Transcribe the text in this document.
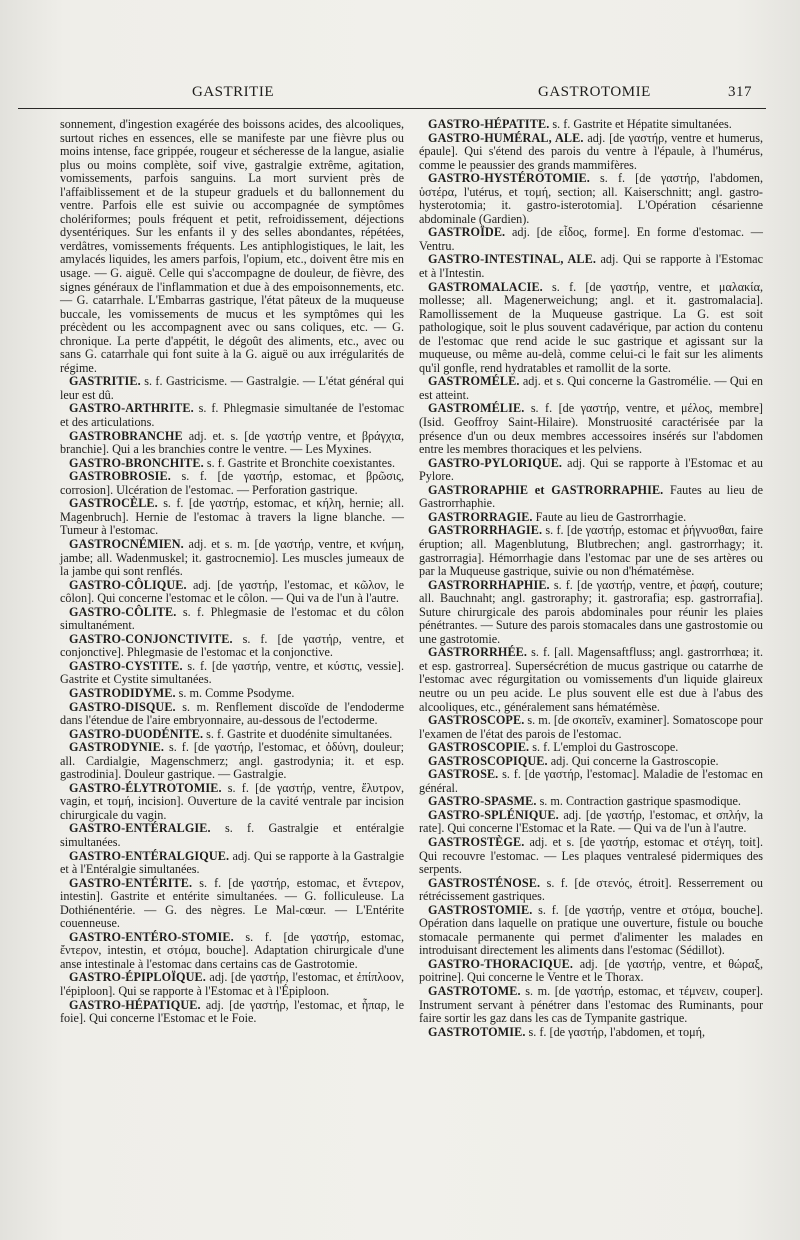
GASTRITIE	GASTROTOMIE	317

sonnement, d'ingestion exagérée des boissons acides, des alcooliques, surtout riches en essences, elle se manifeste par une fièvre plus ou moins intense, face grippée, rougeur et sécheresse de la langue, asialie plus ou moins complète, soif vive, gastralgie extrême, agitation, vomissements, parfois sanguins. La mort survient près de l'affaiblissement et de la stupeur graduels et du ballonnement du ventre. Parfois elle est suivie ou accompagnée de symptômes cholériformes; pouls fréquent et petit, refroidissement, déjections dysentériques. Sur les enfants il y des selles abondantes, répétées, verdâtres, vomissements fréquents. Les antiphlogistiques, le lait, les amylacés liquides, les amers parfois, l'opium, etc., doivent être mis en usage. — G. aiguë. Celle qui s'accompagne de douleur, de fièvre, des signes généraux de l'inflammation et due à des empoisonnements, etc. — G. catarrhale. L'Embarras gastrique, l'état pâteux de la muqueuse buccale, les vomissements de mucus et les symptômes qui les précèdent ou les accompagnent avec ou sans coliques, etc. — G. chronique. La perte d'appétit, le dégoût des aliments, etc., avec ou sans G. catarrhale qui font suite à la G. aiguë ou aux irrégularités de régime.

GASTRITIE. s. f. Gastricisme. — Gastralgie. — L'état général qui leur est dû.

GASTRO-ARTHRITE. s. f. Phlegmasie simultanée de l'estomac et des articulations.

GASTROBRANCHE adj. et. s. [de γαστήρ ventre, et βράγχια, branchie]. Qui a les branchies contre le ventre. — Les Myxines.

GASTRO-BRONCHITE. s. f. Gastrite et Bronchite coexistantes.

GASTROBROSIE. s. f. [de γαστήρ, estomac, et βρῶσις, corrosion]. Ulcération de l'estomac. — Perforation gastrique.

GASTROCÈLE. s. f. [de γαστήρ, estomac, et κήλη, hernie; all. Magenbruch]. Hernie de l'estomac à travers la ligne blanche. — Tumeur à l'estomac.

GASTROCNÉMIEN. adj. et s. m. [de γαστήρ, ventre, et κνήμη, jambe; all. Wadenmuskel; it. gastrocnemio]. Les muscles jumeaux de la jambe qui sont renflés.

GASTRO-CÔLIQUE. adj. [de γαστήρ, l'estomac, et κῶλον, le côlon]. Qui concerne l'estomac et le côlon. — Qui va de l'un à l'autre.

GASTRO-CÔLITE. s. f. Phlegmasie de l'estomac et du côlon simultanément.

GASTRO-CONJONCTIVITE. s. f. [de γαστήρ, ventre, et conjonctive]. Phlegmasie de l'estomac et la conjonctive.

GASTRO-CYSTITE. s. f. [de γαστήρ, ventre, et κύστις, vessie]. Gastrite et Cystite simultanées.

GASTRODIDYME. s. m. Comme Psodyme.

GASTRO-DISQUE. s. m. Renflement discoïde de l'endoderme dans l'étendue de l'aire embryonnaire, au-dessous de l'ectoderme.

GASTRO-DUODÉNITE. s. f. Gastrite et duodénite simultanées.

GASTRODYNIE. s. f. [de γαστήρ, l'estomac, et ὀδύνη, douleur; all. Cardialgie, Magenschmerz; angl. gastrodynia; it. et esp. gastrodinia]. Douleur gastrique. — Gastralgie.

GASTRO-ÉLYTROTOMIE. s. f. [de γαστήρ, ventre, ἔλυτρον, vagin, et τομή, incision]. Ouverture de la cavité ventrale par incision chirurgicale du vagin.

GASTRO-ENTÉRALGIE. s. f. Gastralgie et entéralgie simultanées.

GASTRO-ENTÉRALGIQUE. adj. Qui se rapporte à la Gastralgie et à l'Entéralgie simultanées.

GASTRO-ENTÉRITE. s. f. [de γαστήρ, estomac, et ἔντερον, intestin]. Gastrite et entérite simultanées. — G. folliculeuse. La Dothiénentérie. — G. des nègres. Le Mal-cœur. — L'Entérite couenneuse.

GASTRO-ENTÉRO-STOMIE. s. f. [de γαστήρ, estomac, ἔντερον, intestin, et στόμα, bouche]. Adaptation chirurgicale d'une anse intestinale à l'estomac dans certains cas de Gastrotomie.

GASTRO-ÉPIPLOÏQUE. adj. [de γαστήρ, l'estomac, et ἐπίπλοον, l'épiploon]. Qui se rapporte à l'Estomac et à l'Épiploon.

GASTRO-HÉPATIQUE. adj. [de γαστήρ, l'estomac, et ἧπαρ, le foie]. Qui concerne l'Estomac et le Foie.

GASTRO-HÉPATITE. s. f. Gastrite et Hépatite simultanées.

GASTRO-HUMÉRAL, ALE. adj. [de γαστήρ, ventre et humerus, épaule]. Qui s'étend des parois du ventre à l'épaule, à l'humérus, comme le peaussier des grands mammifères.

GASTRO-HYSTÉROTOMIE. s. f. [de γαστήρ, l'abdomen, ὑστέρα, l'utérus, et τομή, section; all. Kaiserschnitt; angl. gastro-hysterotomia; it. gastro-isterotomia]. L'Opération césarienne abdominale (Gardien).

GASTROÏDE. adj. [de εἶδος, forme]. En forme d'estomac. — Ventru.

GASTRO-INTESTINAL, ALE. adj. Qui se rapporte à l'Estomac et à l'Intestin.

GASTROMALACIE. s. f. [de γαστήρ, ventre, et μαλακία, mollesse; all. Magenerweichung; angl. et it. gastromalacia]. Ramollissement de la Muqueuse gastrique. La G. est soit pathologique, soit le plus souvent cadavérique, par action du contenu de l'estomac que rend acide le suc gastrique et agissant sur la muqueuse, ou même au-delà, comme celui-ci le fait sur les aliments qu'il gonfle, rend hydratables et ramollit de la sorte.

GASTROMÉLE. adj. et s. Qui concerne la Gastromélie. — Qui en est atteint.

GASTROMÉLIE. s. f. [de γαστήρ, ventre, et μέλος, membre] (Isid. Geoffroy Saint-Hilaire). Monstruosité caractérisée par la présence d'un ou deux membres accessoires insérés sur l'abdomen entre les membres thoraciques et les pelviens.

GASTRO-PYLORIQUE. adj. Qui se rapporte à l'Estomac et au Pylore.

GASTRORAPHIE et GASTRORRAPHIE. Fautes au lieu de Gastrorrhaphie.

GASTRORRAGIE. Faute au lieu de Gastrorrhagie.

GASTRORRHAGIE. s. f. [de γαστήρ, estomac et ῥήγνυσθαι, faire éruption; all. Magenblutung, Blutbrechen; angl. gastrorrhagy; it. gastrorragia]. Hémorrhagie dans l'estomac par une de ses artères ou par la Muqueuse gastrique, suivie ou non d'hématémèse.

GASTRORRHAPHIE. s. f. [de γαστήρ, ventre, et ῥαφή, couture; all. Bauchnaht; angl. gastroraphy; it. gastrorafia; esp. gastrorrafia]. Suture chirurgicale des parois abdominales pour réunir les plaies pénétrantes. — Suture des parois stomacales dans une gastrostomie ou une gastrotomie.

GASTRORRHÉE. s. f. [all. Magensaftfluss; angl. gastrorrhœa; it. et esp. gastrorrea]. Supersécrétion de mucus gastrique ou catarrhe de l'estomac avec régurgitation ou vomissements d'un liquide glaireux neutre ou un peu acide. Le plus souvent elle est due à l'abus des alcooliques, etc., généralement sans hématémèse.

GASTROSCOPE. s. m. [de σκοπεῖν, examiner]. Somatoscope pour l'examen de l'état des parois de l'estomac.

GASTROSCOPIE. s. f. L'emploi du Gastroscope.

GASTROSCOPIQUE. adj. Qui concerne la Gastroscopie.

GASTROSE. s. f. [de γαστήρ, l'estomac]. Maladie de l'estomac en général.

GASTRO-SPASME. s. m. Contraction gastrique spasmodique.

GASTRO-SPLÉNIQUE. adj. [de γαστήρ, l'estomac, et σπλήν, la rate]. Qui concerne l'Estomac et la Rate. — Qui va de l'un à l'autre.

GASTROSTÈGE. adj. et s. [de γαστήρ, estomac et στέγη, toit]. Qui recouvre l'estomac. — Les plaques ventralesé pidermiques des serpents.

GASTROSTÉNOSE. s. f. [de στενός, étroit]. Resserrement ou rétrécissement gastriques.

GASTROSTOMIE. s. f. [de γαστήρ, ventre et στόμα, bouche]. Opération dans laquelle on pratique une ouverture, fistule ou bouche stomacale permanente qui permet d'alimenter les malades en introduisant directement les aliments dans l'estomac (Sédillot).

GASTRO-THORACIQUE. adj. [de γαστήρ, ventre, et θώραξ, poitrine]. Qui concerne le Ventre et le Thorax.

GASTROTOME. s. m. [de γαστήρ, estomac, et τέμνειν, couper]. Instrument servant à pénétrer dans l'estomac des Ruminants, pour faire sortir les gaz dans les cas de Tympanite gastrique.

GASTROTOMIE. s. f. [de γαστήρ, l'abdomen, et τομή,
